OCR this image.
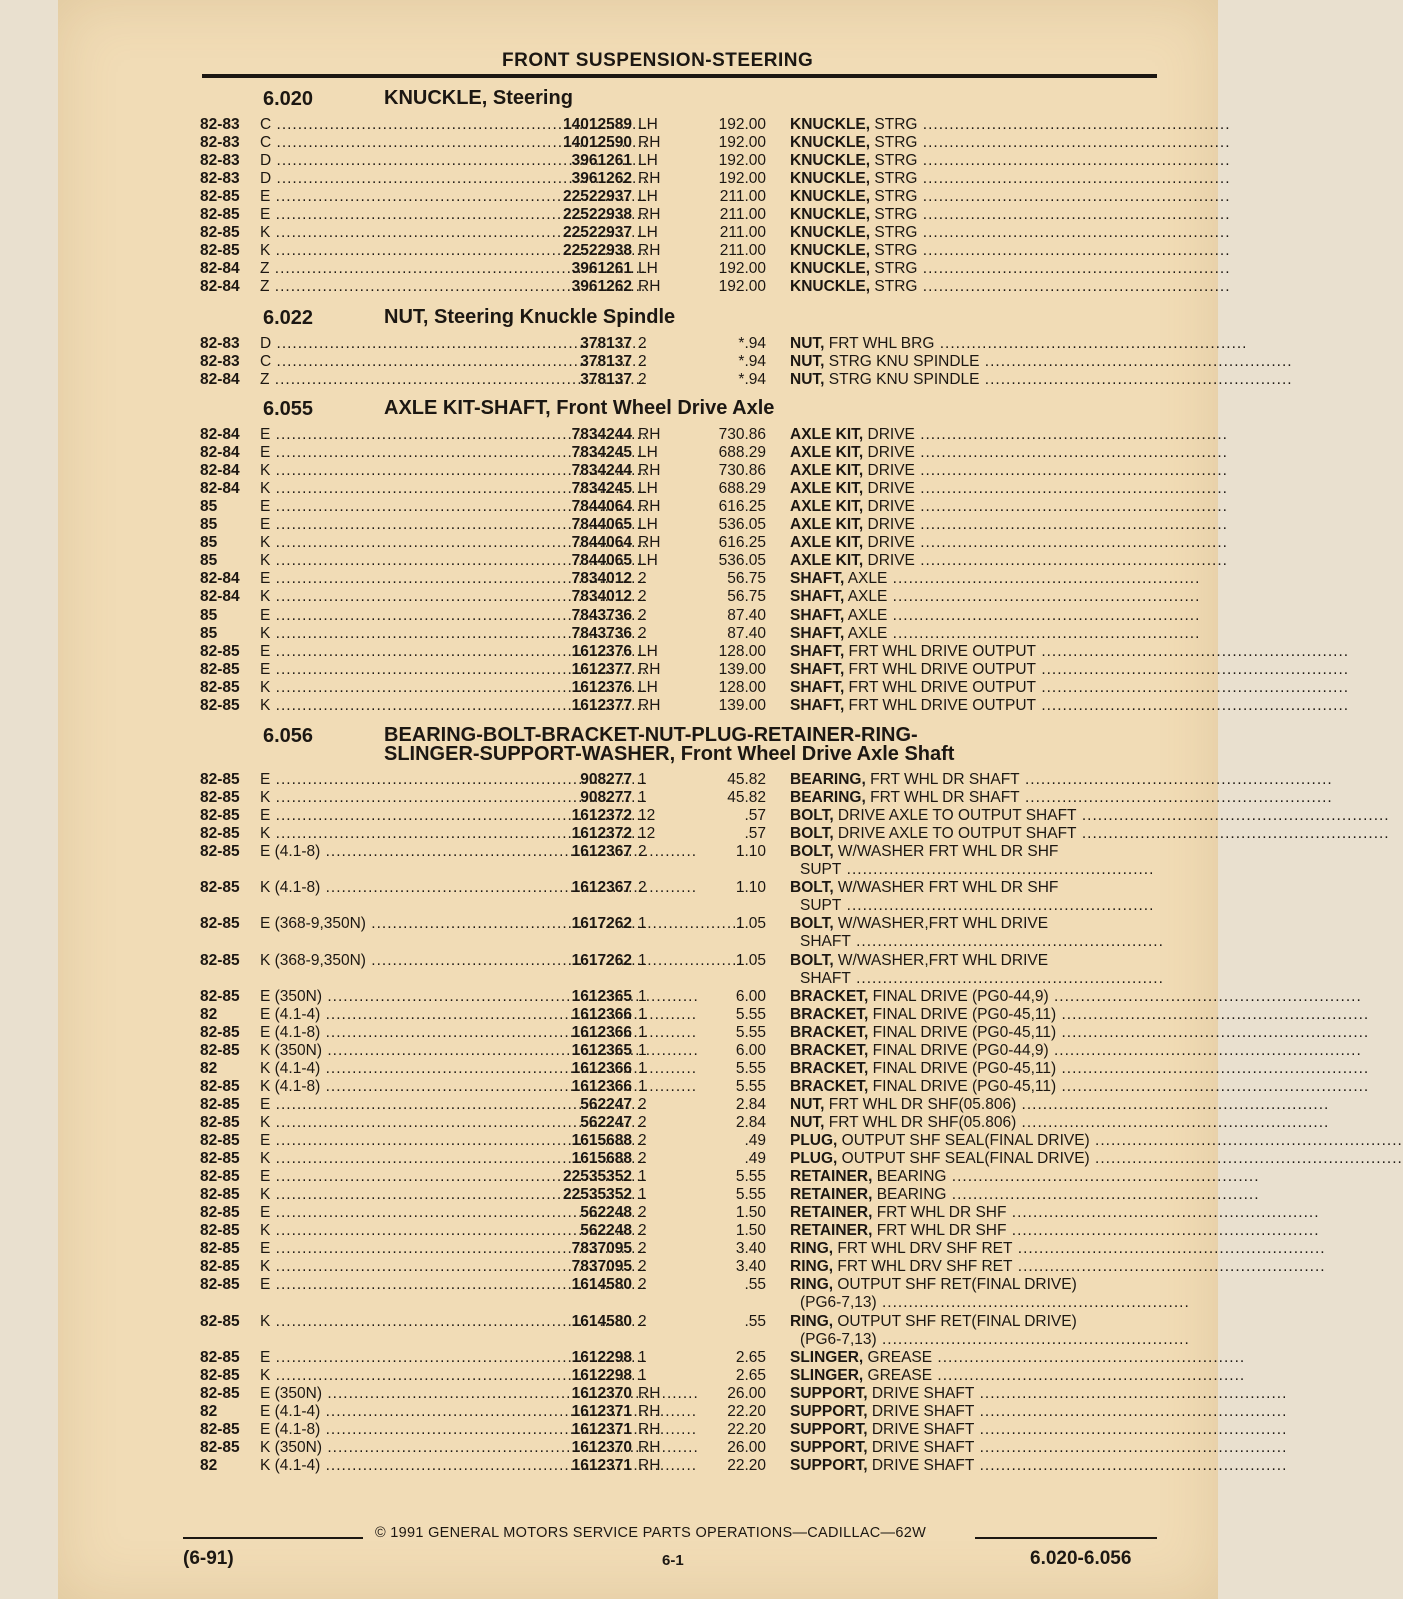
FRONT SUSPENSION-STEERING
6.020	KNUCKLE, Steering
82-83 C .....	14012589 LH	192.00 KNUCKLE, STRG ..........................................................
82-83 C .....	14012590 RH	192.00 KNUCKLE, STRG ..........................................................
82-83 D .....	3961261 LH	192.00 KNUCKLE, STRG ..........................................................
82-83 D .....	3961262 RH	192.00 KNUCKLE, STRG ..........................................................
82-85 E .....	22522937 LH	211.00 KNUCKLE, STRG ..........................................................
82-85 E .....	22522938 RH	211.00 KNUCKLE, STRG ..........................................................
82-85 K .....	22522937 LH	211.00 KNUCKLE, STRG ..........................................................
82-85 K .....	22522938 RH	211.00 KNUCKLE, STRG ..........................................................
82-84 Z .....	3961261 LH	192.00 KNUCKLE, STRG ..........................................................
82-84 Z .....	3961262 RH	192.00 KNUCKLE, STRG ..........................................................
6.022	NUT, Steering Knuckle Spindle
82-83 D .....	378137 2	*.94 NUT, FRT WHL BRG ..........................................................
82-83 C .....	378137 2	*.94 NUT, STRG KNU SPINDLE ..........................................................
82-84 Z .....	378137 2	*.94 NUT, STRG KNU SPINDLE ..........................................................
6.055	AXLE KIT-SHAFT, Front Wheel Drive Axle
82-84 E .....	7834244 RH	730.86 AXLE KIT, DRIVE ..........................................................
82-84 E .....	7834245 LH	688.29 AXLE KIT, DRIVE ..........................................................
82-84 K .....	7834244 RH	730.86 AXLE KIT, DRIVE ..........................................................
82-84 K .....	7834245 LH	688.29 AXLE KIT, DRIVE ..........................................................
85	E .....	7844064 RH	616.25 AXLE KIT, DRIVE ..........................................................
85	E .....	7844065 LH	536.05 AXLE KIT, DRIVE ..........................................................
85	K .....	7844064 RH	616.25 AXLE KIT, DRIVE ..........................................................
85	K .....	7844065 LH	536.05 AXLE KIT, DRIVE ..........................................................
82-84 E .....	7834012 2	56.75 SHAFT, AXLE ..........................................................
82-84 K .....	7834012 2	56.75 SHAFT, AXLE ..........................................................
85	E .....	7843736 2	87.40 SHAFT, AXLE ..........................................................
85	K .....	7843736 2	87.40 SHAFT, AXLE ..........................................................
82-85 E .....	1612376 LH	128.00 SHAFT, FRT WHL DRIVE OUTPUT ..........................................................
82-85 E .....	1612377 RH	139.00 SHAFT, FRT WHL DRIVE OUTPUT ..........................................................
82-85 K .....	1612376 LH	128.00 SHAFT, FRT WHL DRIVE OUTPUT ..........................................................
82-85 K .....	1612377 RH	139.00 SHAFT, FRT WHL DRIVE OUTPUT ..........................................................
6.056	BEARING-BOLT-BRACKET-NUT-PLUG-RETAINER-RING-
SLINGER-SUPPORT-WASHER, Front Wheel Drive Axle Shaft
82-85 E .....	908277 1	45.82 BEARING, FRT WHL DR SHAFT ..........................................................
82-85 K .....	908277 1	45.82 BEARING, FRT WHL DR SHAFT ..........................................................
82-85 E .....	1612372 12	.57 BOLT, DRIVE AXLE TO OUTPUT SHAFT ..........................................................
82-85 K .....	1612372 12	.57 BOLT, DRIVE AXLE TO OUTPUT SHAFT ..........................................................
82-85 E (4.1-8) .....	1612367 2	1.10 BOLT, W/WASHER FRT WHL DR SHF
SUPT ..........................................................
82-85 K (4.1-8) .....	1612367 2	1.10 BOLT, W/WASHER FRT WHL DR SHF
SUPT ..........................................................
82-85 E (368-9,350N) .....	1617262 1	1.05 BOLT, W/WASHER,FRT WHL DRIVE
SHAFT ..........................................................
82-85 K (368-9,350N) .....	1617262 1	1.05 BOLT, W/WASHER,FRT WHL DRIVE
SHAFT ..........................................................
82-85 E (350N) .....	1612365 1	6.00 BRACKET, FINAL DRIVE (PG0-44,9) ..........................................................
82	E (4.1-4) .....	1612366 1	5.55 BRACKET, FINAL DRIVE (PG0-45,11) ..........................................................
82-85 E (4.1-8) .....	1612366 1	5.55 BRACKET, FINAL DRIVE (PG0-45,11) ..........................................................
82-85 K (350N) .....	1612365 1	6.00 BRACKET, FINAL DRIVE (PG0-44,9) ..........................................................
82	K (4.1-4) .....	1612366 1	5.55 BRACKET, FINAL DRIVE (PG0-45,11) ..........................................................
82-85 K (4.1-8) .....	1612366 1	5.55 BRACKET, FINAL DRIVE (PG0-45,11) ..........................................................
82-85 E .....	562247 2	2.84 NUT, FRT WHL DR SHF(05.806) ..........................................................
82-85 K .....	562247 2	2.84 NUT, FRT WHL DR SHF(05.806) ..........................................................
82-85 E .....	1615688 2	.49 PLUG, OUTPUT SHF SEAL(FINAL DRIVE) ..........................................................
82-85 K .....	1615688 2	.49 PLUG, OUTPUT SHF SEAL(FINAL DRIVE) ..........................................................
82-85 E .....	22535352 1	5.55 RETAINER, BEARING ..........................................................
82-85 K .....	22535352 1	5.55 RETAINER, BEARING ..........................................................
82-85 E .....	562248 2	1.50 RETAINER, FRT WHL DR SHF ..........................................................
82-85 K .....	562248 2	1.50 RETAINER, FRT WHL DR SHF ..........................................................
82-85 E .....	7837095 2	3.40 RING, FRT WHL DRV SHF RET ..........................................................
82-85 K .....	7837095 2	3.40 RING, FRT WHL DRV SHF RET ..........................................................
82-85 E .....	1614580 2	.55 RING, OUTPUT SHF RET(FINAL DRIVE)
(PG6-7,13) ..........................................................
82-85 K .....	1614580 2	.55 RING, OUTPUT SHF RET(FINAL DRIVE)
(PG6-7,13) ..........................................................
82-85 E .....	1612298 1	2.65 SLINGER, GREASE ..........................................................
82-85 K .....	1612298 1	2.65 SLINGER, GREASE ..........................................................
82-85 E (350N) .....	1612370 RH	26.00 SUPPORT, DRIVE SHAFT ..........................................................
82	E (4.1-4) .....	1612371 RH	22.20 SUPPORT, DRIVE SHAFT ..........................................................
82-85 E (4.1-8) .....	1612371 RH	22.20 SUPPORT, DRIVE SHAFT ..........................................................
82-85 K (350N) .....	1612370 RH	26.00 SUPPORT, DRIVE SHAFT ..........................................................
82	K (4.1-4) .....	1612371 RH	22.20 SUPPORT, DRIVE SHAFT ..........................................................
© 1991 GENERAL MOTORS SERVICE PARTS OPERATIONS—CADILLAC—62W
(6-91)	6-1	6.020-6.056
